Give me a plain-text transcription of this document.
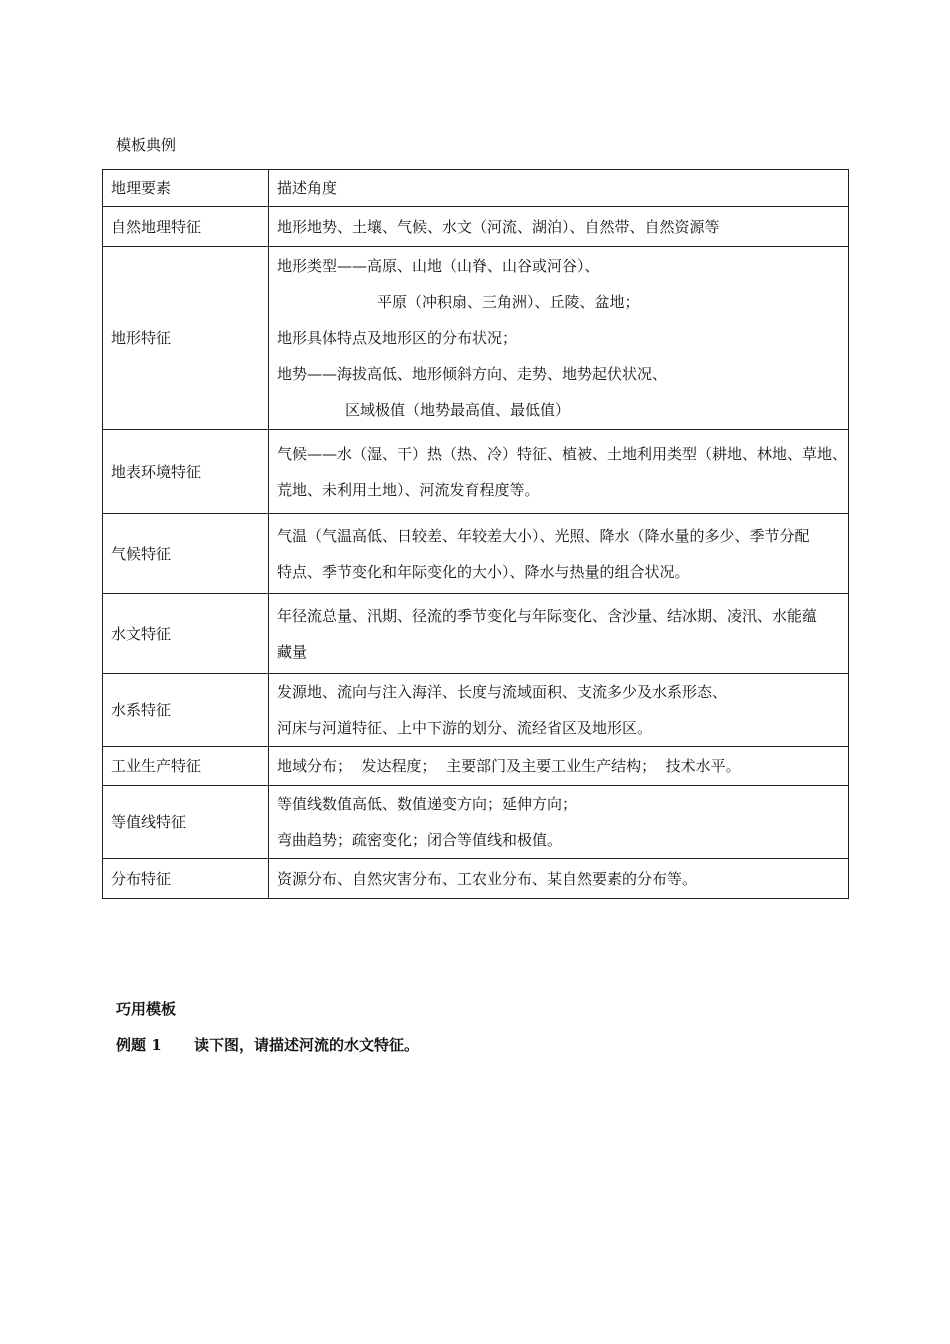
模板典例
地理要素	描述角度
自然地理特征	地形地势、土壤、气候、水文（河流、湖泊）、自然带、自然资源等

地形特征	地形类型——高原、山地（山脊、山谷或河谷）、
平原（冲积扇、三角洲）、丘陵、盆地；
地形具体特点及地形区的分布状况；
地势——海拔高低、地形倾斜方向、走势、地势起伏状况、
区域极值（地势最高值、最低值）

地表环境特征	气候——水（湿、干）热（热、冷）特征、植被、土地利用类型（耕地、林地、草地、
荒地、未利用土地）、河流发育程度等。

气候特征	气温（气温高低、日较差、年较差大小）、光照、降水（降水量的多少、季节分配
特点、季节变化和年际变化的大小）、降水与热量的组合状况。

水文特征	年径流总量、汛期、径流的季节变化与年际变化、含沙量、结冰期、凌汛、水能蕴
藏量

水系特征	发源地、流向与注入海洋、长度与流域面积、支流多少及水系形态、
河床与河道特征、上中下游的划分、流经省区及地形区。

工业生产特征	地域分布；  发达程度；  主要部门及主要工业生产结构；  技术水平。

等值线特征	等值线数值高低、数值递变方向；延伸方向；
弯曲趋势；疏密变化；闭合等值线和极值。

分布特征	资源分布、自然灾害分布、工农业分布、某自然要素的分布等。
巧用模板
例题 1 读下图，请描述河流的水文特征。
